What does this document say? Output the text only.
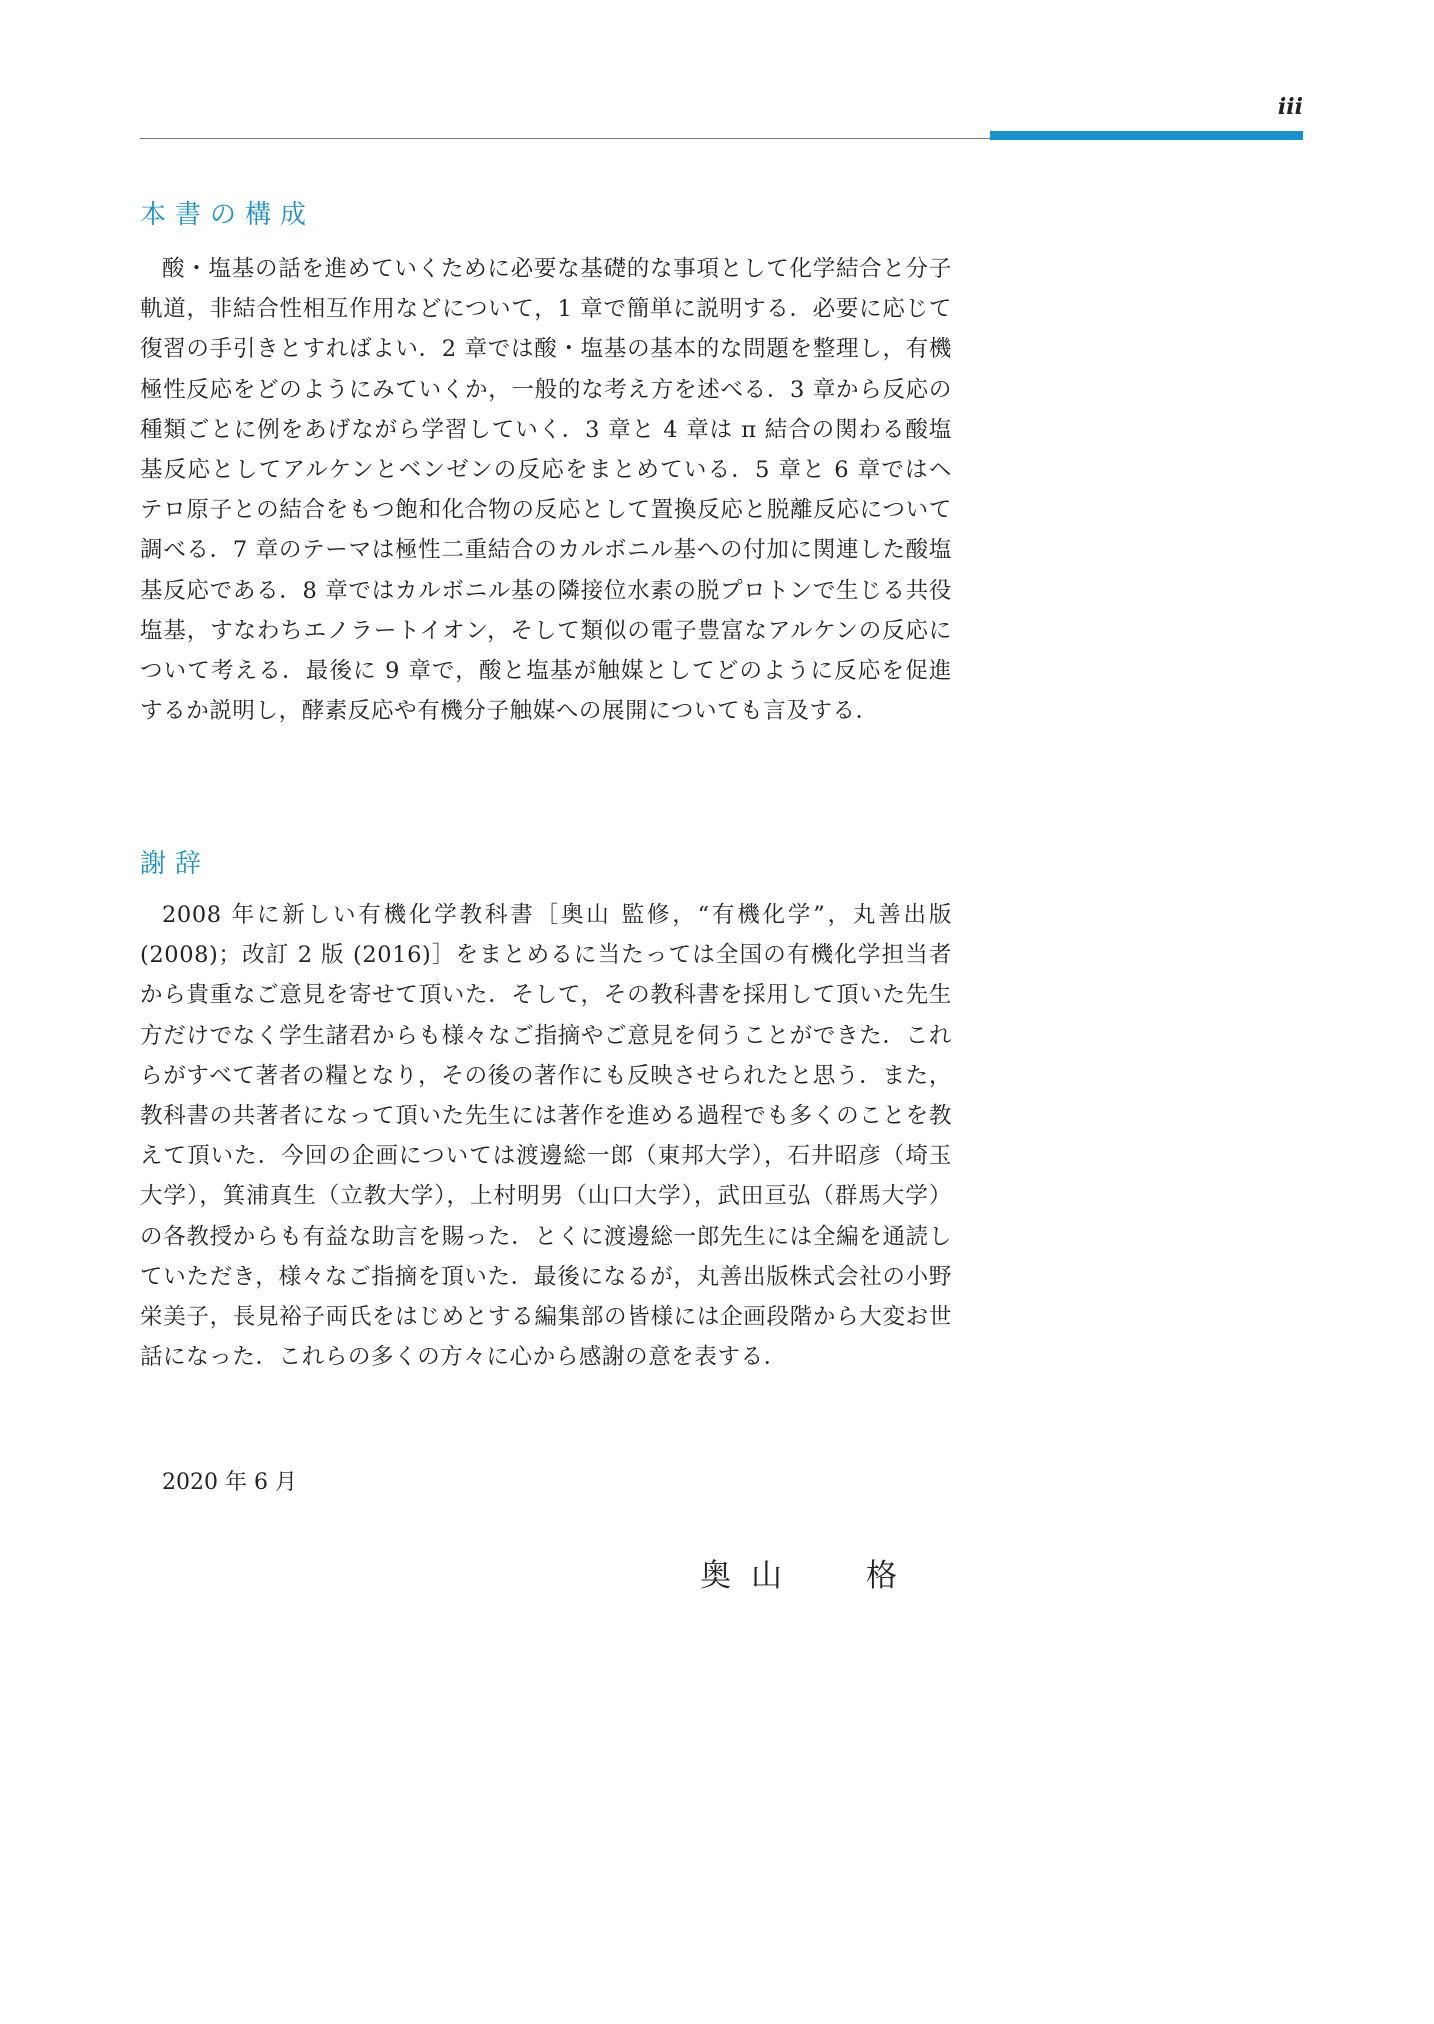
iii
本書の構成

酸・塩基の話を進めていくために必要な基礎的な事項として化学結合と分子軌道，非結合性相互作用などについて，1 章で簡単に説明する．必要に応じて復習の手引きとすればよい．2 章では酸・塩基の基本的な問題を整理し，有機極性反応をどのようにみていくか，一般的な考え方を述べる．3 章から反応の種類ごとに例をあげながら学習していく．3 章と 4 章は π 結合の関わる酸塩基反応としてアルケンとベンゼンの反応をまとめている．5 章と 6 章ではヘテロ原子との結合をもつ飽和化合物の反応として置換反応と脱離反応について調べる．7 章のテーマは極性二重結合のカルボニル基への付加に関連した酸塩基反応である．8 章ではカルボニル基の隣接位水素の脱プロトンで生じる共役塩基，すなわちエノラートイオン，そして類似の電子豊富なアルケンの反応について考える．最後に 9 章で，酸と塩基が触媒としてどのように反応を促進するか説明し，酵素反応や有機分子触媒への展開についても言及する．

謝辞

2008 年に新しい有機化学教科書［奥山 監修，“有機化学”，丸善出版 (2008)；改訂 2 版 (2016)］をまとめるに当たっては全国の有機化学担当者から貴重なご意見を寄せて頂いた．そして，その教科書を採用して頂いた先生方だけでなく学生諸君からも様々なご指摘やご意見を伺うことができた．これらがすべて著者の糧となり，その後の著作にも反映させられたと思う．また，教科書の共著者になって頂いた先生には著作を進める過程でも多くのことを教えて頂いた．今回の企画については渡邊総一郎（東邦大学），石井昭彦（埼玉大学），箕浦真生（立教大学），上村明男（山口大学），武田亘弘（群馬大学）の各教授からも有益な助言を賜った．とくに渡邊総一郎先生には全編を通読していただき，様々なご指摘を頂いた．最後になるが，丸善出版株式会社の小野栄美子，長見裕子両氏をはじめとする編集部の皆様には企画段階から大変お世話になった．これらの多くの方々に心から感謝の意を表する．

2020 年 6 月
奥 山	格
